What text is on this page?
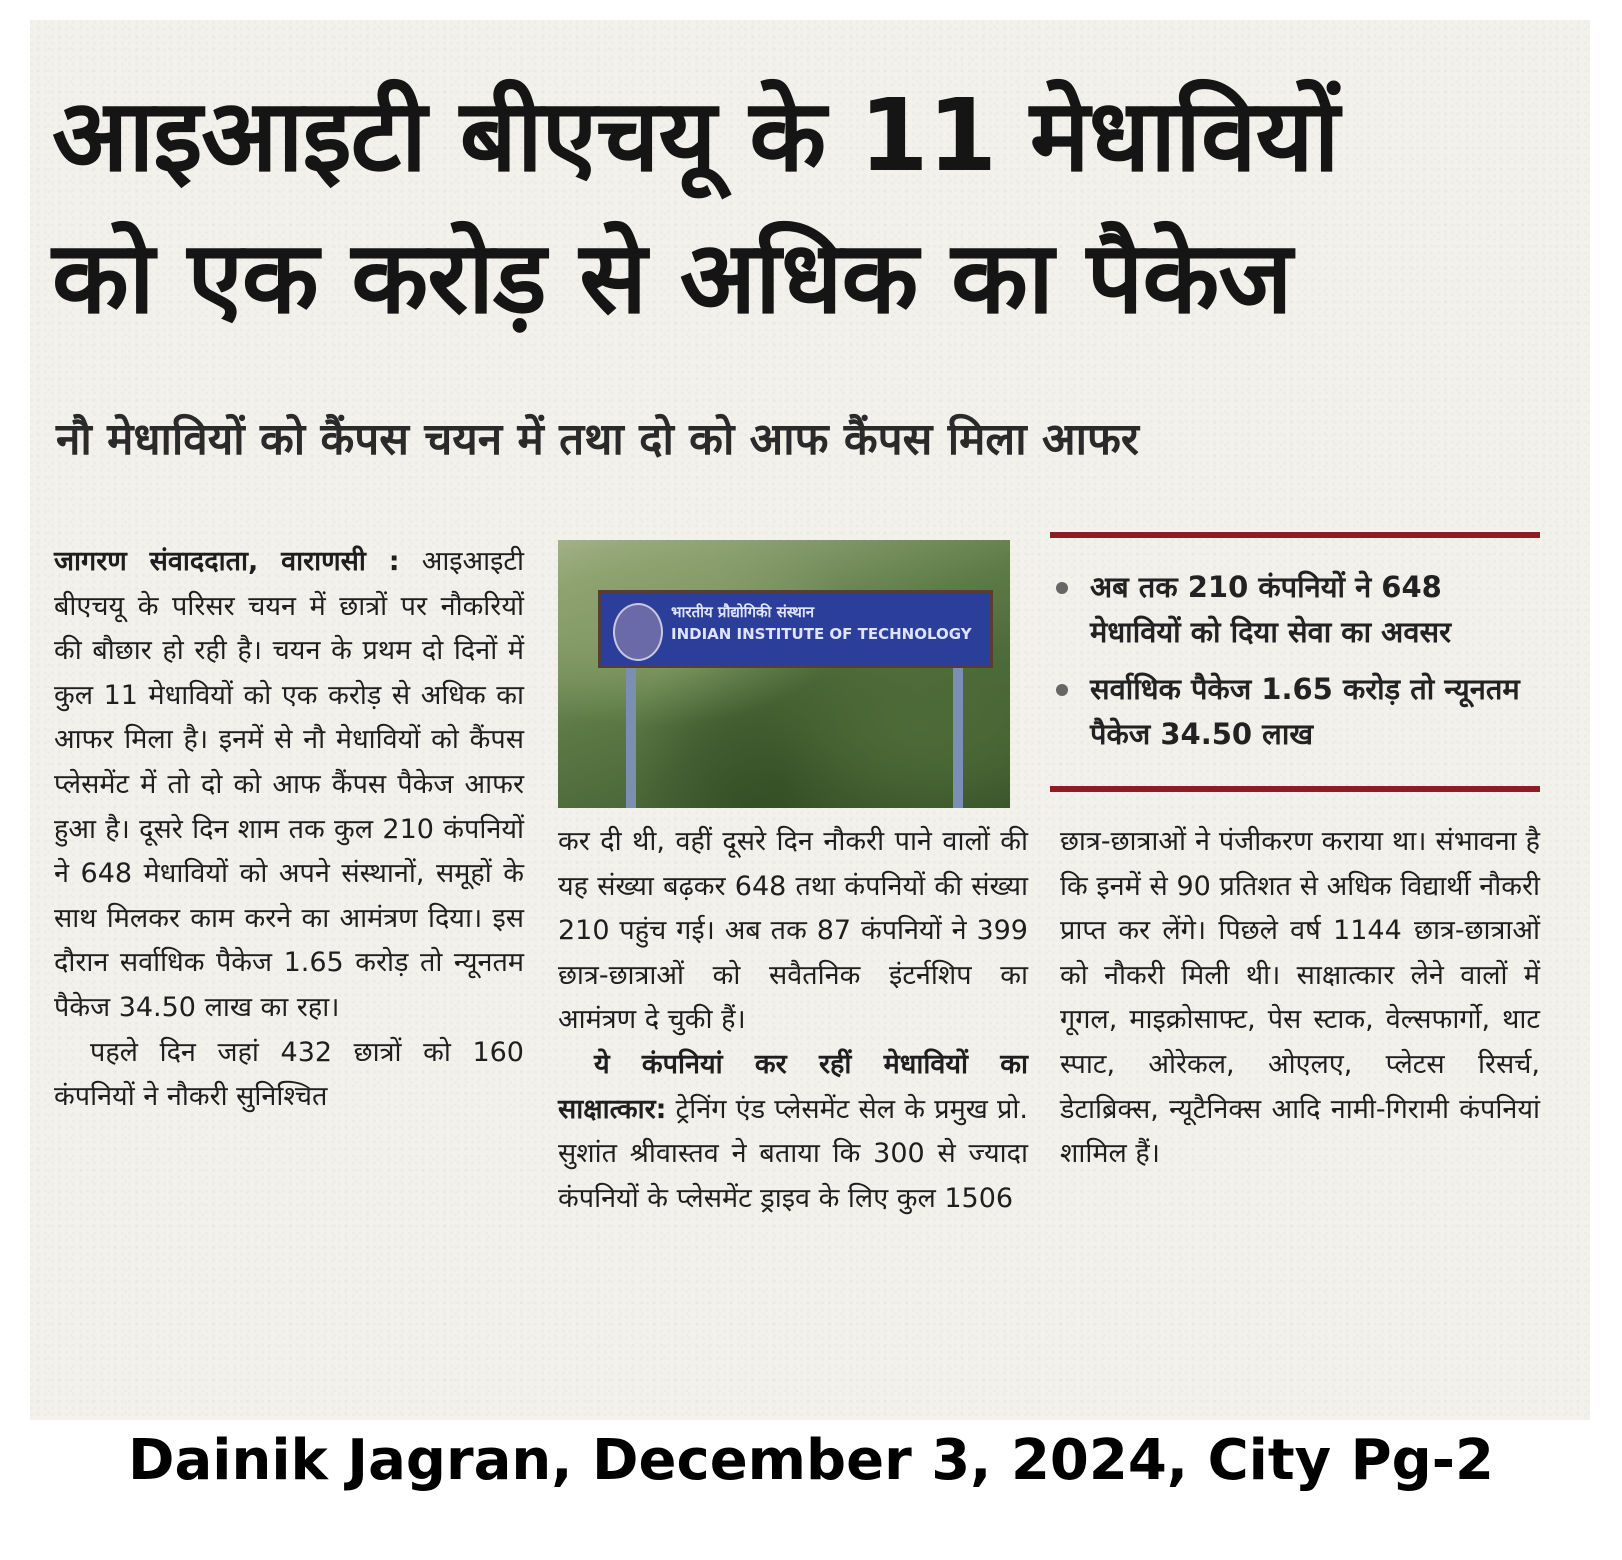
आइआइटी बीएचयू के 11 मेधावियों
को एक करोड़ से अधिक का पैकेज
नौ मेधावियों को कैंपस चयन में तथा दो को आफ कैंपस मिला आफर

जागरण संवाददाता, वाराणसी : आइआइटी बीएचयू के परिसर चयन में छात्रों पर नौकरियों की बौछार हो रही है। चयन के प्रथम दो दिनों में कुल 11 मेधावियों को एक करोड़ से अधिक का आफर मिला है। इनमें से नौ मेधावियों को कैंपस प्लेसमेंट में तो दो को आफ कैंपस पैकेज आफर हुआ है। दूसरे दिन शाम तक कुल 210 कंपनियों ने 648 मेधावियों को अपने संस्थानों, समूहों के साथ मिलकर काम करने का आमंत्रण दिया। इस दौरान सर्वाधिक पैकेज 1.65 करोड़ तो न्यूनतम पैकेज 34.50 लाख का रहा।

पहले दिन जहां 432 छात्रों को 160 कंपनियों ने नौकरी सुनिश्चित

भारतीय प्रौद्योगिकी संस्थान
INDIAN INSTITUTE OF TECHNOLOGY

कर दी थी, वहीं दूसरे दिन नौकरी पाने वालों की यह संख्या बढ़कर 648 तथा कंपनियों की संख्या 210 पहुंच गई। अब तक 87 कंपनियों ने 399 छात्र-छात्राओं को सवैतनिक इंटर्नशिप का आमंत्रण दे चुकी हैं।

ये कंपनियां कर रहीं मेधावियों का साक्षात्कार: ट्रेनिंग एंड प्लेसमेंट सेल के प्रमुख प्रो. सुशांत श्रीवास्तव ने बताया कि 300 से ज्यादा कंपनियों के प्लेसमेंट ड्राइव के लिए कुल 1506

अब तक 210 कंपनियों ने 648 मेधावियों को दिया सेवा का अवसर
सर्वाधिक पैकेज 1.65 करोड़ तो न्यूनतम पैकेज 34.50 लाख

छात्र-छात्राओं ने पंजीकरण कराया था। संभावना है कि इनमें से 90 प्रतिशत से अधिक विद्यार्थी नौकरी प्राप्त कर लेंगे। पिछले वर्ष 1144 छात्र-छात्राओं को नौकरी मिली थी। साक्षात्कार लेने वालों में गूगल, माइक्रोसाफ्ट, पेस स्टाक, वेल्सफार्गो, थाट स्पाट, ओरेकल, ओएलए, प्लेटस रिसर्च, डेटाब्रिक्स, न्यूटैनिक्स आदि नामी-गिरामी कंपनियां शामिल हैं।

Dainik Jagran, December 3, 2024, City Pg-2
